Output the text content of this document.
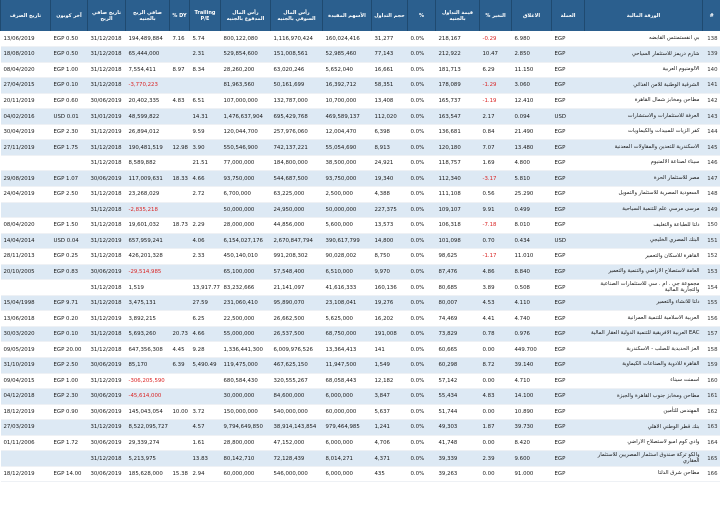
#	الورقة المالية	العملة	الاغلاق	التغير %	قيمة التداول بالجنيه	%	حجم التداول	الأسهم المقيدة	رأس المال السوقي بالجنيه	رأس المال المدفوع بالجنيه	Trailing P/E	DY %	صافي الربح بالجنيه	تاريخ صافي الربح	آخر كوبون	تاريخ الصرف
138	بي انفستمنتس القابضه	EGP	6.980	-0.29	218,167	0.0%	31,277	160,024,416	1,116,970,424	800,122,080	5.74	7.16	194,489,884	31/12/2018	EGP 0.50	13/06/2019
139	شارم دريمز للاستثمار السياحي	EGP	2.850	10.47	212,922	0.0%	77,143	52,985,460	151,008,561	529,854,600	2.31		65,444,000	31/12/2018	EGP 0.50	18/08/2010
140	الالومنيوم العربية	EGP	11.150	6.29	181,713	0.0%	16,661	5,652,040	63,020,246	28,260,200	8.34	8.97	7,554,411	31/12/2018	EGP 1.00	08/04/2020
141	الشرقية الوطنية للامن الغذائي	EGP	3.060	-1.29	178,089	0.0%	58,351	16,392,712	50,161,699	81,963,560			-3,770,223	31/12/2018	EGP 0.10	27/04/2015
142	مطاحن ومخابز شمال القاهرة	EGP	12.410	-1.19	165,737	0.0%	13,408	10,700,000	132,787,000	107,000,000	6.51	4.83	20,402,335	30/06/2019	EGP 0.60	20/11/2019
143	العرفة للاستثمارات والاستشارات	USD	0.094	2.17	163,547	0.0%	112,020	469,589,137	695,429,768	1,476,637,904	14.31		48,599,822	31/01/2019	USD 0.01	04/02/2016
144	كفر الزيات للمبيدات والكيماويات	EGP	21.490	0.84	136,681	0.0%	6,398	12,004,470	257,976,060	120,044,700	9.59		26,894,012	31/12/2019	EGP 2.30	30/04/2019
145	الاسكندرية للتعدين والمقاولات المعدنية	EGP	13.480	7.07	120,180	0.0%	8,913	55,054,690	742,137,221	550,546,900	3.90	12.98	190,481,519	31/12/2018	EGP 1.75	27/11/2019
146	سيناء لصناعة الالمنيوم	EGP	4.800	1.69	118,757	0.0%	24,921	38,500,000	184,800,000	77,000,000	21.51		8,589,882	31/12/2018		
147	مصر للاستثمار الحرة	EGP	5.810	-3.17	112,340	0.0%	19,340	93,750,000	544,687,500	93,750,000	4.66	18.33	117,009,631	30/06/2019	EGP 1.07	29/08/2019
148	السعودية المصرية للاستثمار والتمويل	EGP	25.290	0.56	111,108	0.0%	4,388	2,500,000	63,225,000	6,700,000	2.72		23,268,029	31/12/2018	EGP 2.50	24/04/2019
149	مرسى مرسي علم للتنمية السياحية	EGP	0.499	9.91	109,107	0.0%	227,375	50,000,000	24,950,000	50,000,000			-2,835,218	31/12/2018		
150	دلتا للطباعة والتغليف	EGP	8.010	-7.18	106,318	0.0%	13,573	5,600,000	44,856,000	28,000,000	2.29	18.73	19,601,032	31/12/2018	EGP 1.50	08/04/2020
151	البنك المصري الخليجي	USD	0.434	0.70	101,098	0.0%	14,800	390,617,799	2,670,847,794	6,154,027,176	4.06		657,959,241	31/12/2019	USD 0.04	14/04/2014
152	القاهرة للاسكان والتعمير	EGP	11.010	-1.17	98,625	0.0%	8,750	90,028,002	991,208,302	450,140,010	2.33		426,201,328	31/12/2018	EGP 0.25	28/11/2013
153	العامة لاستصلاح الاراضي والتنمية والتعمير	EGP	8.840	4.86	87,476	0.0%	9,970	6,510,000	57,548,400	65,100,000			-29,514,985	30/06/2019	EGP 0.83	20/10/2005
154	مجموعة جي . ام . سي للاستثمارات الصناعية والتجارية المالية	EGP	0.508	3.89	80,685	0.0%	160,136	41,616,333	21,141,097	83,232,666	13,917.77		1,519	31/12/2018		
155	دلتا للانشاء والتعمير	EGP	4.110	4.53	80,007	0.0%	19,276	23,108,041	95,890,070	231,060,410	27.59		3,475,131	31/12/2018	EGP 9.71	15/04/1998
156	العربية الاسلامية للتنمية العمرانية	EGP	4.740	4.41	74,469	0.0%	16,202	5,625,000	26,662,500	22,500,000	6.25		3,892,215	31/12/2019	EGP 0.20	13/06/2018
157	EAC العربية الافريقية للتنمية الدولية العقار المالية	EGP	0.976	0.78	73,829	0.0%	191,008	68,750,000	26,537,500	55,000,000	4.66	20.73	5,693,260	31/12/2018	EGP 0.10	30/03/2020
158	العز الحديدية للصلب - الاسكندرية	EGP	449.700	0.00	60,665	0.0%	141	13,364,413	6,009,976,526	1,336,441,300	9.28	4.45	647,356,308	31/12/2018	EGP 20.00	09/05/2019
159	القاهرة للادوية والصناعات الكيماوية	EGP	39.140	8.72	60,298	0.0%	1,549	11,947,500	467,625,150	119,475,000	5,490.49	6.39	85,170	30/06/2019	EGP 2.50	31/10/2019
160	اسمنت سيناء	EGP	4.710	0.00	57,142	0.0%	12,182	68,058,443	320,555,267	680,584,430			-306,205,590	31/12/2019	EGP 1.00	09/04/2015
161	مطاحن ومخابز جنوب القاهرة والجيزة	EGP	14.100	4.83	55,434	0.0%	3,847	6,000,000	84,600,000	30,000,000			-45,614,000	30/06/2019	EGP 2.30	04/12/2018
162	المهندس للتأمين	EGP	10.890	0.00	51,744	0.0%	5,637	60,000,000	540,000,000	150,000,000	3.72	10.00	145,043,054	30/06/2019	EGP 0.90	18/12/2019
163	بنك قطر الوطني الاهلي	EGP	39.730	1.87	49,303	0.0%	1,241	979,464,985	38,914,143,854	9,794,649,850	4.57		8,522,095,727	31/12/2019		27/03/2019
164	وادي كوم امبو لاستصلاح الاراضي	EGP	8.420	0.00	41,748	0.0%	4,706	6,000,000	47,152,000	28,800,000	1.61		29,339,274	30/06/2019	EGP 1.72	01/11/2006
165	والكو تركة صندوق استثمار المصريين للاستثمار العقاري	EGP	9.600	2.39	39,339	0.0%	4,371	8,014,271	72,128,439	80,142,710	13.83		5,213,975	31/12/2018		
166	مطاحن شرق الدلتا	EGP	91.000	0.00	39,263	0.0%	435	6,000,000	546,000,000	60,000,000	2.94	15.38	185,628,000	30/06/2019	EGP 14.00	18/12/2019
